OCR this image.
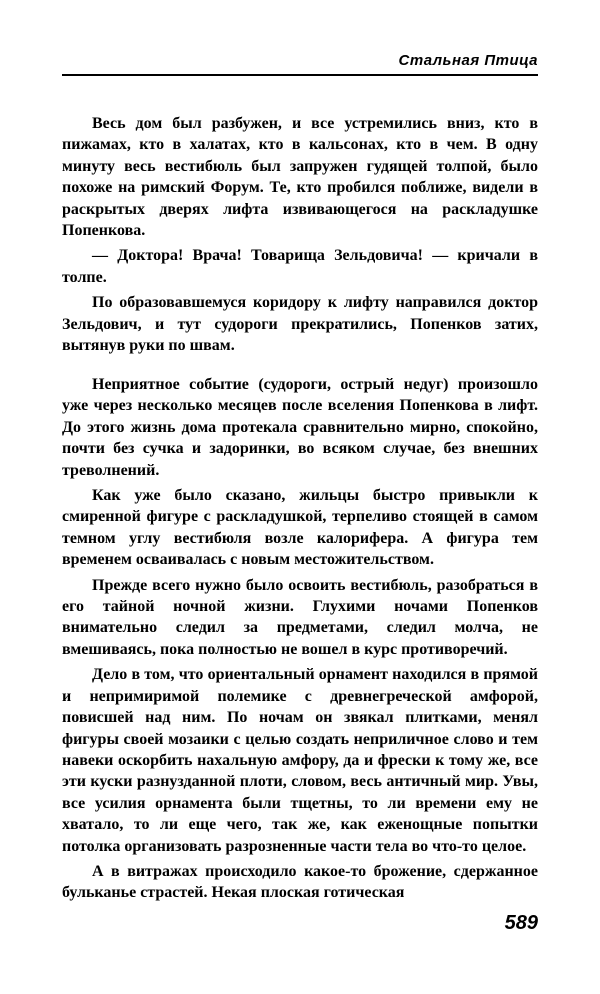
Стальная Птица

Весь дом был разбужен, и все устремились вниз, кто в пижамах, кто в халатах, кто в кальсонах, кто в чем. В одну минуту весь вестибюль был запружен гудящей толпой, было похоже на римский Форум. Те, кто пробился поближе, видели в раскрытых дверях лифта извивающегося на раскладушке Попенкова.

— Доктора! Врача! Товарища Зельдовича! — кричали в толпе.

По образовавшемуся коридору к лифту направился доктор Зельдович, и тут судороги прекратились, Попенков затих, вытянув руки по швам.

Неприятное событие (судороги, острый недуг) произошло уже через несколько месяцев после вселения Попенкова в лифт. До этого жизнь дома протекала сравнительно мирно, спокойно, почти без сучка и задоринки, во всяком случае, без внешних треволнений.

Как уже было сказано, жильцы быстро привыкли к смиренной фигуре с раскладушкой, терпеливо стоящей в самом темном углу вестибюля возле калорифера. А фигура тем временем осваивалась с новым местожительством.

Прежде всего нужно было освоить вестибюль, разобраться в его тайной ночной жизни. Глухими ночами Попенков внимательно следил за предметами, следил молча, не вмешиваясь, пока полностью не вошел в курс противоречий.

Дело в том, что ориентальный орнамент находился в прямой и непримиримой полемике с древнегреческой амфорой, повисшей над ним. По ночам он звякал плитками, менял фигуры своей мозаики с целью создать неприличное слово и тем навеки оскорбить нахальную амфору, да и фрески к тому же, все эти куски разнузданной плоти, словом, весь античный мир. Увы, все усилия орнамента были тщетны, то ли времени ему не хватало, то ли еще чего, так же, как еженощные попытки потолка организовать разрозненные части тела во что-то целое.

А в витражах происходило какое-то брожение, сдержанное бульканье страстей. Некая плоская готическая

589
